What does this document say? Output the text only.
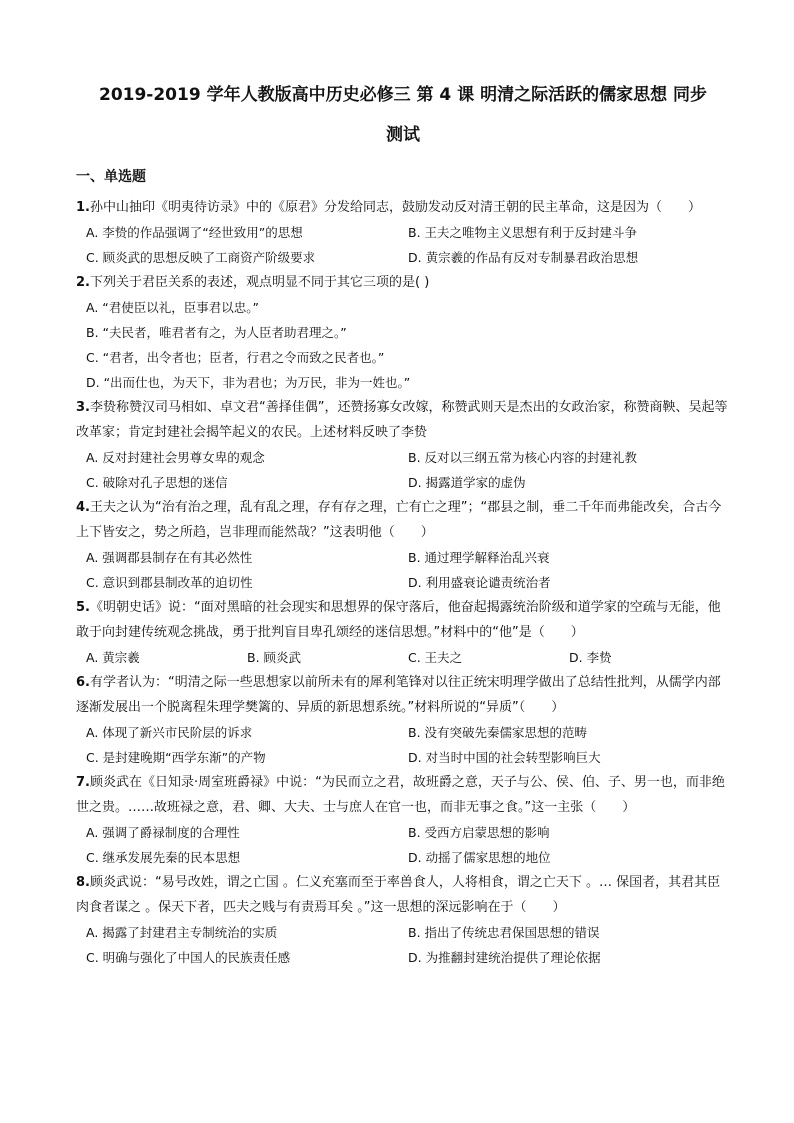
2019-2019 学年人教版高中历史必修三 第 4 课 明清之际活跃的儒家思想 同步
测试
一、单选题
1.孙中山抽印《明夷待访录》中的《原君》分发给同志，鼓励发动反对清王朝的民主革命，这是因为（　　）
A. 李贽的作品强调了“经世致用”的思想	B. 王夫之唯物主义思想有利于反封建斗争
C. 顾炎武的思想反映了工商资产阶级要求	D. 黄宗羲的作品有反对专制暴君政治思想
2.下列关于君臣关系的表述，观点明显不同于其它三项的是( )
A. “君使臣以礼，臣事君以忠。”
B. “夫民者，唯君者有之，为人臣者助君理之。”
C. “君者，出令者也；臣者，行君之令而致之民者也。”
D. “出而仕也，为天下，非为君也；为万民，非为一姓也。”
3.李贽称赞汉司马相如、卓文君“善择佳偶”，还赞扬寡女改嫁，称赞武则天是杰出的女政治家，称赞商鞅、吴起等改革家；肯定封建社会揭竿起义的农民。上述材料反映了李贽
A. 反对封建社会男尊女卑的观念	B. 反对以三纲五常为核心内容的封建礼教
C. 破除对孔子思想的迷信	D. 揭露道学家的虚伪
4.王夫之认为“治有治之理，乱有乱之理，存有存之理，亡有亡之理”；“郡县之制，垂二千年而弗能改矣，合古今上下皆安之，势之所趋，岂非理而能然哉？”这表明他（　　）
A. 强调郡县制存在有其必然性	B. 通过理学解释治乱兴衰
C. 意识到郡县制改革的迫切性	D. 利用盛衰论谴责统治者
5.《明朝史话》说：“面对黑暗的社会现实和思想界的保守落后，他奋起揭露统治阶级和道学家的空疏与无能，他敢于向封建传统观念挑战，勇于批判盲目卑孔颂经的迷信思想。”材料中的“他”是（　　）
A. 黄宗羲	B. 顾炎武	C. 王夫之	D. 李贽
6.有学者认为：“明清之际一些思想家以前所未有的犀利笔锋对以往正统宋明理学做出了总结性批判，从儒学内部逐渐发展出一个脱离程朱理学樊篱的、异质的新思想系统。”材料所说的“异质”（　　）
A. 体现了新兴市民阶层的诉求	B. 没有突破先秦儒家思想的范畴
C. 是封建晚期“西学东渐”的产物	D. 对当时中国的社会转型影响巨大
7.顾炎武在《日知录·周室班爵禄》中说：“为民而立之君，故班爵之意，天子与公、侯、伯、子、男一也，而非绝世之贵。……故班禄之意，君、卿、大夫、士与庶人在官一也，而非无事之食。”这一主张（　　）
A. 强调了爵禄制度的合理性	B. 受西方启蒙思想的影响
C. 继承发展先秦的民本思想	D. 动摇了儒家思想的地位
8.顾炎武说：“易号改姓，谓之亡国 。仁义充塞而至于率兽食人，人将相食，谓之亡天下 。… 保国者，其君其臣肉食者谋之 。保天下者，匹夫之贱与有责焉耳矣 。”这一思想的深远影响在于（　　）
A. 揭露了封建君主专制统治的实质	B. 指出了传统忠君保国思想的错误
C. 明确与强化了中国人的民族责任感	D. 为推翻封建统治提供了理论依据
